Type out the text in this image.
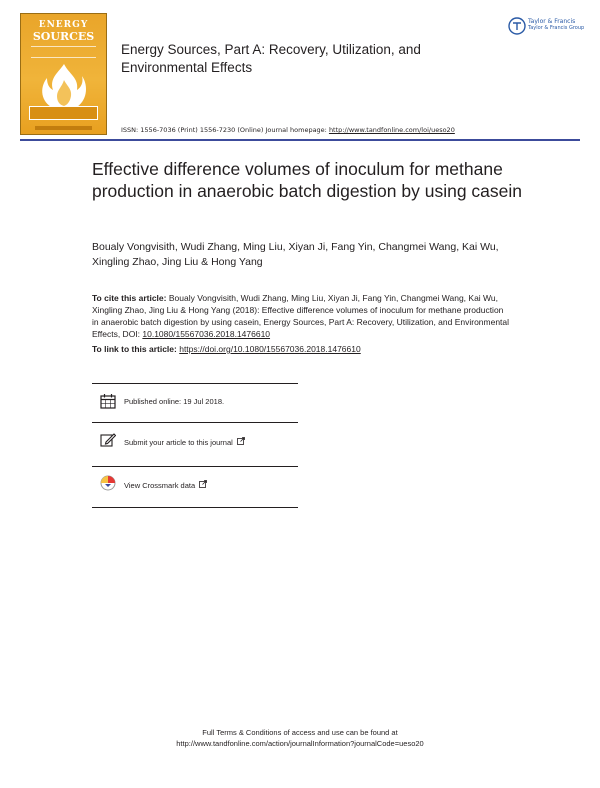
ENERGY
SOURCES
Energy Sources, Part A: Recovery, Utilization, and Environmental Effects
Taylor & Francis
Taylor & Francis Group
ISSN: 1556-7036 (Print) 1556-7230 (Online) Journal homepage: http://www.tandfonline.com/loi/ueso20
Effective difference volumes of inoculum for methane production in anaerobic batch digestion by using casein
Boualy Vongvisith, Wudi Zhang, Ming Liu, Xiyan Ji, Fang Yin, Changmei Wang, Kai Wu, Xingling Zhao, Jing Liu & Hong Yang
To cite this article: Boualy Vongvisith, Wudi Zhang, Ming Liu, Xiyan Ji, Fang Yin, Changmei Wang, Kai Wu, Xingling Zhao, Jing Liu & Hong Yang (2018): Effective difference volumes of inoculum for methane production in anaerobic batch digestion by using casein, Energy Sources, Part A: Recovery, Utilization, and Environmental Effects, DOI: 10.1080/15567036.2018.1476610
To link to this article: https://doi.org/10.1080/15567036.2018.1476610
Published online: 19 Jul 2018.
Submit your article to this journal
View Crossmark data
Full Terms & Conditions of access and use can be found at
http://www.tandfonline.com/action/journalInformation?journalCode=ueso20
